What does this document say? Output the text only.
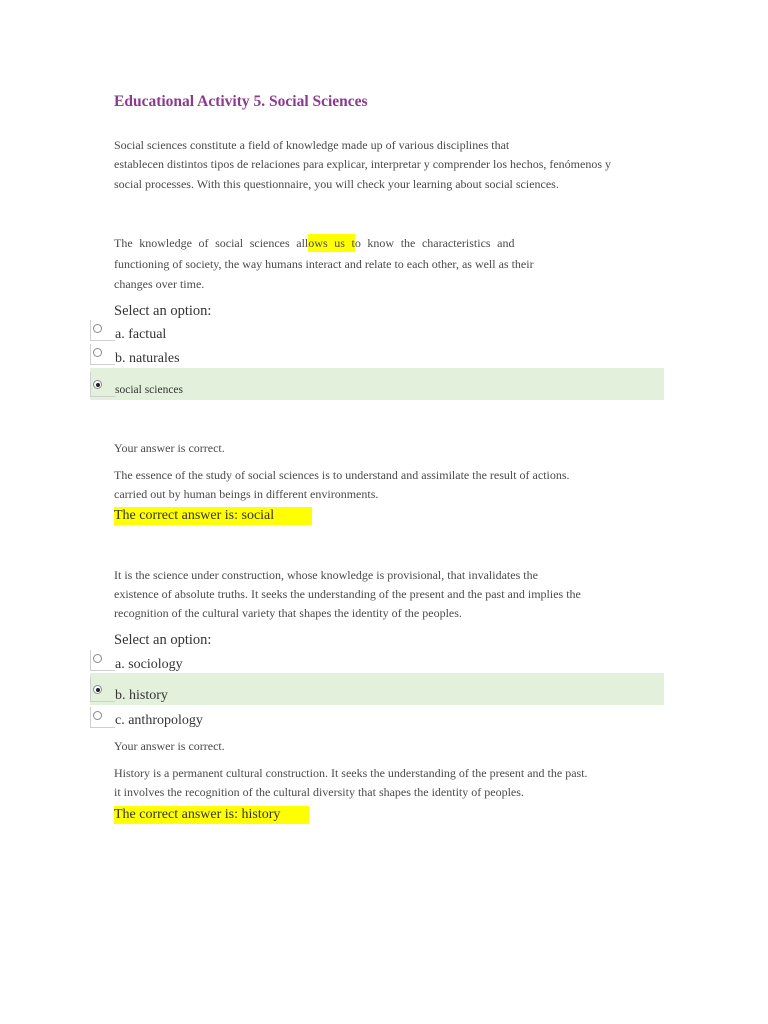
Educational Activity 5. Social Sciences
Social sciences constitute a field of knowledge made up of various disciplines that
establecen distintos tipos de relaciones para explicar, interpretar y comprender los hechos, fenómenos y
social processes. With this questionnaire, you will check your learning about social sciences.
The knowledge of social sciences allows us to know the characteristics and
functioning of society, the way humans interact and relate to each other, as well as their
changes over time.
Select an option:
a. factual
b. naturales
social sciences
Your answer is correct.
The essence of the study of social sciences is to understand and assimilate the result of actions.
carried out by human beings in different environments.
The correct answer is: social
It is the science under construction, whose knowledge is provisional, that invalidates the
existence of absolute truths. It seeks the understanding of the present and the past and implies the
recognition of the cultural variety that shapes the identity of the peoples.
Select an option:
a. sociology
b. history
c. anthropology
Your answer is correct.
History is a permanent cultural construction. It seeks the understanding of the present and the past.
it involves the recognition of the cultural diversity that shapes the identity of peoples.
The correct answer is: history
